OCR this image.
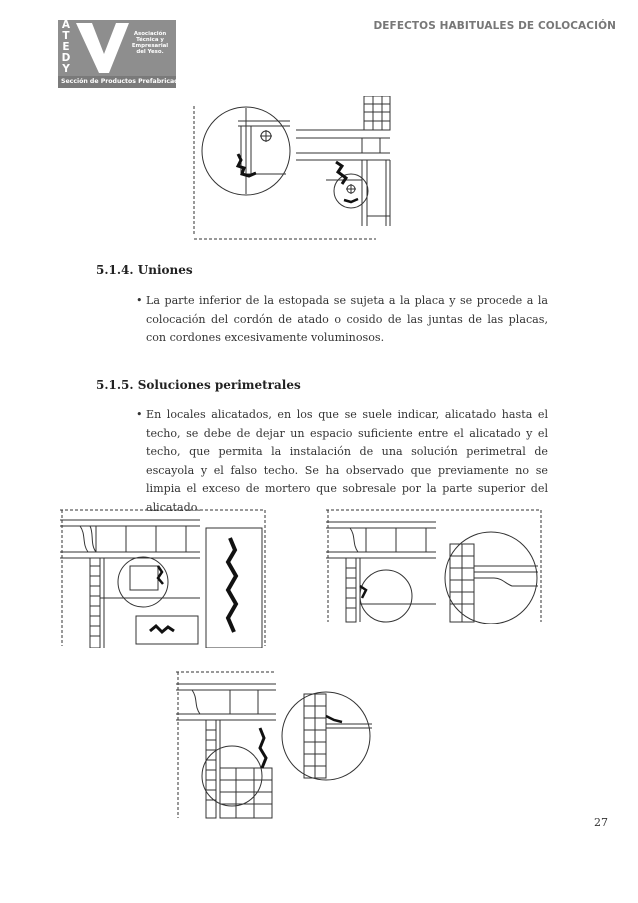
A
T
E
D
Y
Asociación
Técnica y
Empresarial
del Yeso.
Sección de Productos Prefabricados
DEFECTOS HABITUALES DE COLOCACIÓN
5.1.4. Uniones
• La parte inferior de la estopada se sujeta a la placa y se procede a la colocación del cordón de atado o cosido de las juntas de las placas, con cordones excesivamente voluminosos.
5.1.5. Soluciones perimetrales
• En locales alicatados, en los que se suele indicar, alicatado hasta el techo, se debe de dejar un espacio suficiente entre el alicatado y el techo, que permita la instalación de una solución perimetral de escayola y el falso techo. Se ha observado que previamente no se limpia el exceso de mortero que sobresale por la parte superior del alicatado.
27
